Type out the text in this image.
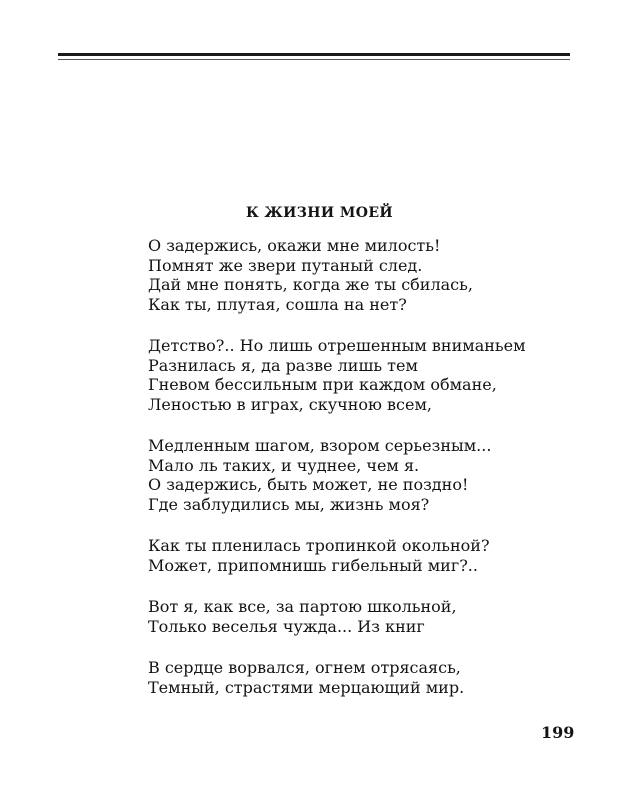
К ЖИЗНИ МОЕЙ
О задержись, окажи мне милость!
Помнят же звери путаный след.
Дай мне понять, когда же ты сбилась,
Как ты, плутая, сошла на нет?
Детство?.. Но лишь отрешенным вниманьем
Разнилась я, да разве лишь тем
Гневом бессильным при каждом обмане,
Леностью в играх, скучною всем,
Медленным шагом, взором серьезным...
Мало ль таких, и чуднее, чем я.
О задержись, быть может, не поздно!
Где заблудились мы, жизнь моя?
Как ты пленилась тропинкой окольной?
Может, припомнишь гибельный миг?..
Вот я, как все, за партою школьной,
Только веселья чужда... Из книг
В сердце ворвался, огнем отрясаясь,
Темный, страстями мерцающий мир.
199
